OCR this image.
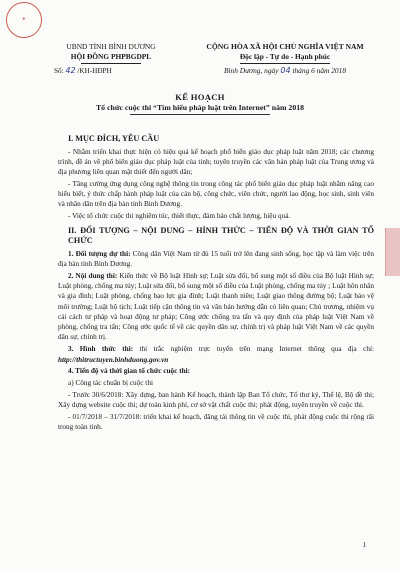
●
UBND TỈNH BÌNH DƯƠNG
HỘI ĐỒNG PHPBGDPL
Số: 42 /KH-HĐPH
CỘNG HÒA XÃ HỘI CHỦ NGHĨA VIỆT NAM
Độc lập - Tự do - Hạnh phúc
Bình Dương, ngày 04 tháng 6 năm 2018
KẾ HOẠCH
Tổ chức cuộc thi “Tìm hiểu pháp luật trên Internet” năm 2018
I. MỤC ĐÍCH, YÊU CẦU

- Nhằm triển khai thực hiện có hiệu quả kế hoạch phổ biến giáo dục pháp luật năm 2018; các chương trình, đề án về phổ biến giáo dục pháp luật của tỉnh; tuyên truyền các văn bản pháp luật của Trung ương và địa phương liên quan mật thiết đến người dân;

- Tăng cường ứng dụng công nghệ thông tin trong công tác phổ biến giáo dục pháp luật nhằm nâng cao hiểu biết, ý thức chấp hành pháp luật của cán bộ, công chức, viên chức, người lao động, học sinh, sinh viên và nhân dân trên địa bàn tỉnh Bình Dương.

- Việc tổ chức cuộc thi nghiêm túc, thiết thực, đảm bảo chất lượng, hiệu quả.

II. ĐỐI TƯỢNG – NỘI DUNG – HÌNH THỨC – TIẾN ĐỘ VÀ THỜI GIAN TỔ CHỨC

1. Đối tượng dự thi: Công dân Việt Nam từ đủ 15 tuổi trở lên đang sinh sống, học tập và làm việc trên địa bàn tỉnh Bình Dương.

2. Nội dung thi: Kiến thức về Bộ luật Hình sự; Luật sửa đổi, bổ sung một số điều của Bộ luật Hình sự; Luật phòng, chống ma túy; Luật sửa đổi, bổ sung một số điều của Luật phòng, chống ma túy ; Luật hôn nhân và gia đình; Luật phòng, chống bạo lực gia đình; Luật thanh niên; Luật giao thông đường bộ; Luật bảo vệ môi trường; Luật hộ tịch; Luật tiếp cận thông tin và văn bản hướng dẫn có liên quan; Chủ trương, nhiệm vụ cải cách tư pháp và hoạt động tư pháp; Công ước chống tra tấn và quy định của pháp luật Việt Nam về phòng, chống tra tấn; Công ước quốc tế về các quyền dân sự, chính trị và pháp luật Việt Nam về các quyền dân sự, chính trị.

3. Hình thức thi: thi trắc nghiệm trực tuyến trên mạng Internet thông qua địa chỉ: http://thitructuyen.binhduong.gov.vn

4. Tiến độ và thời gian tổ chức cuộc thi:

a) Công tác chuẩn bị cuộc thi

- Trước 30/6/2018: Xây dựng, ban hành Kế hoạch, thành lập Ban Tổ chức, Tổ thư ký, Thể lệ, Bộ đề thi; Xây dựng website cuộc thi; dự toán kinh phí, cơ sở vật chất cuộc thi; phát động, tuyên truyền về cuộc thi.

- 01/7/2018 – 31/7/2018: triển khai kế hoạch, đăng tải thông tin về cuộc thi, phát động cuộc thi rộng rãi trong toàn tỉnh.

1
